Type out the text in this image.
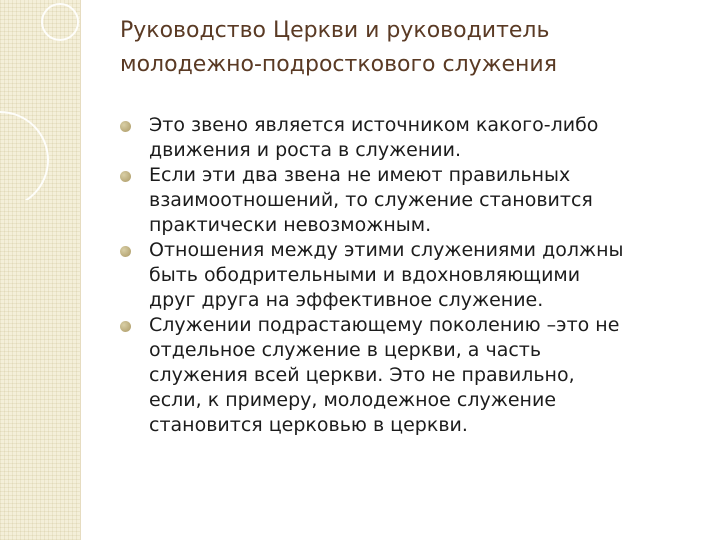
Руководство Церкви и руководитель
молодежно-подросткового служения
Это звено является источником какого-либо
движения и роста в служении.
Если эти два звена не имеют правильных
взаимоотношений, то служение становится
практически невозможным.
Отношения между этими служениями должны
быть ободрительными и вдохновляющими
друг друга на эффективное служение.
Служении подрастающему поколению –это не
отдельное служение в церкви, а часть
служения всей церкви. Это не правильно,
если, к примеру, молодежное служение
становится церковью в церкви.
